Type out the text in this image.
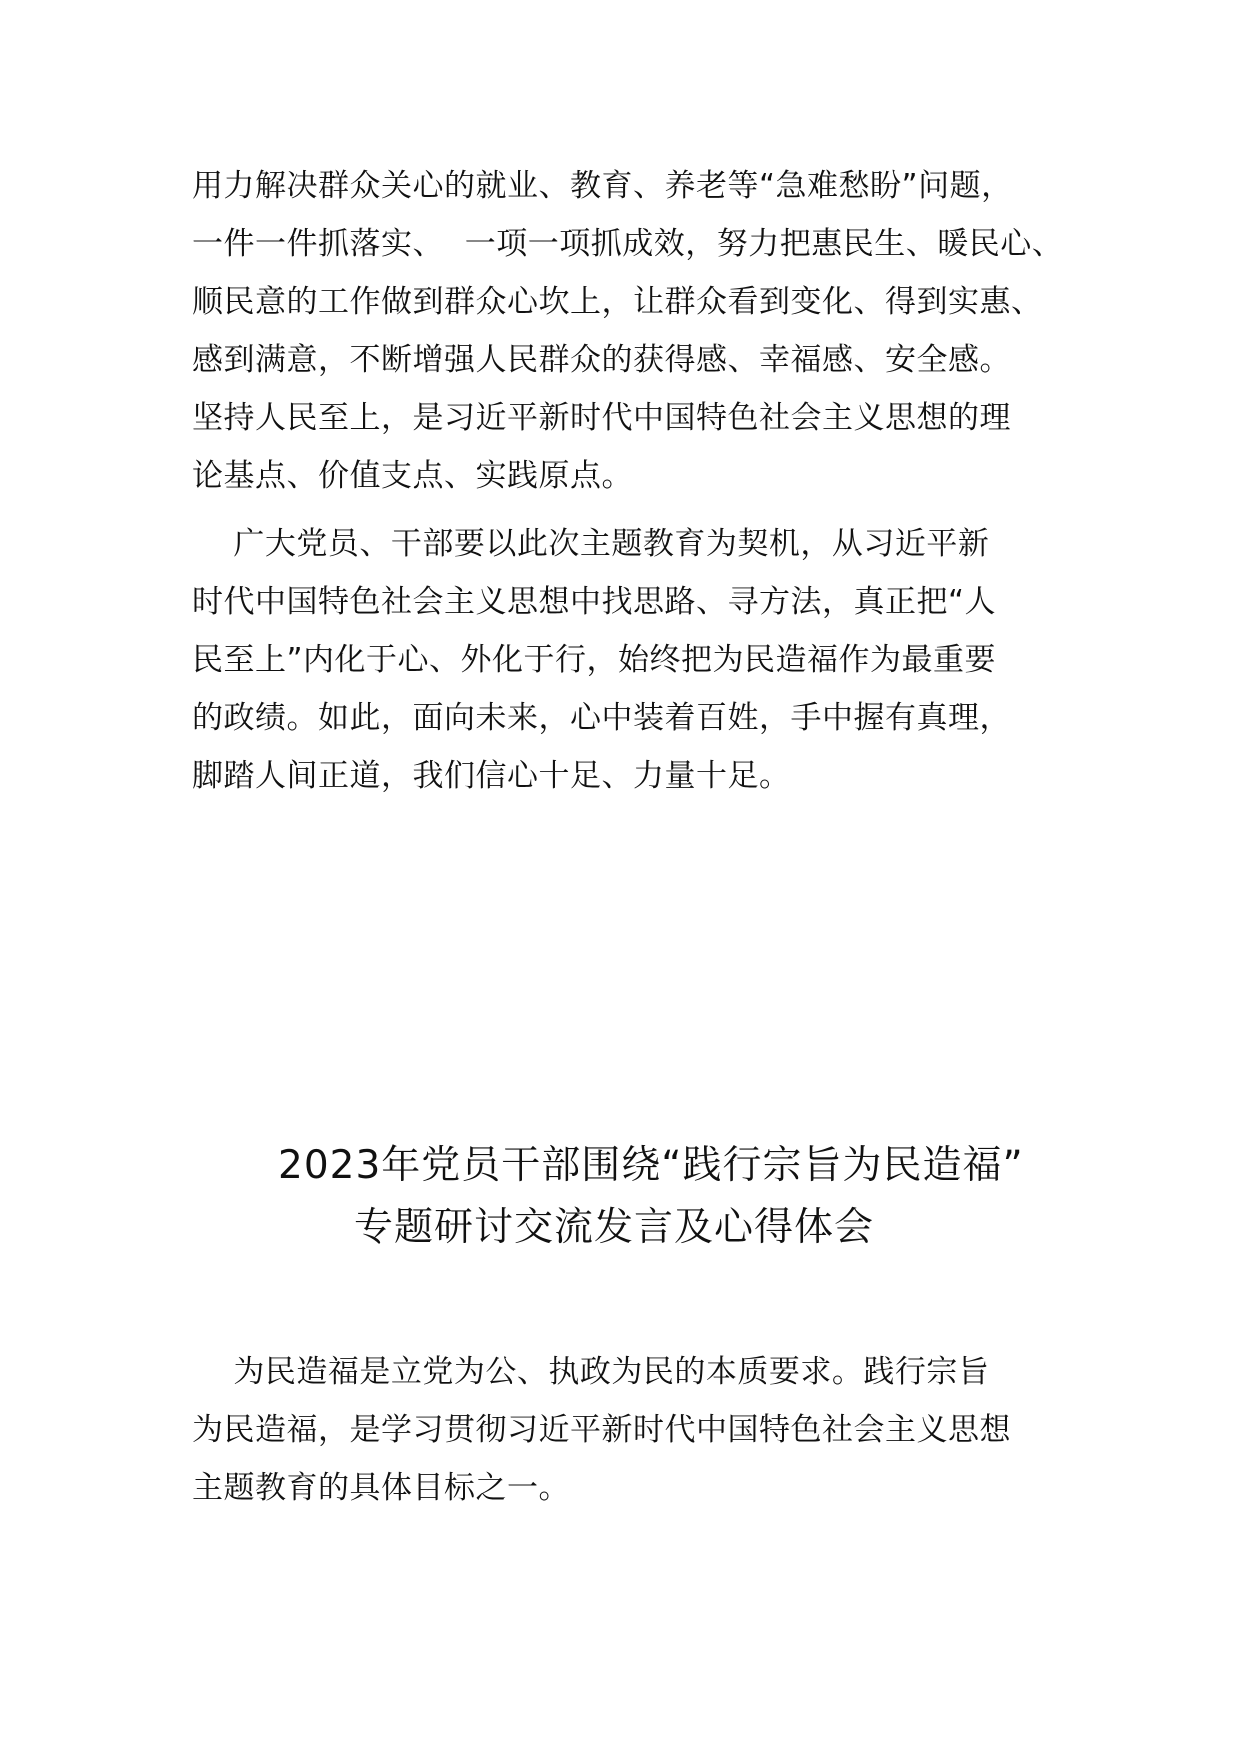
用力解决群众关心的就业、教育、养老等“急难愁盼”问题，
一件一件抓落实、  一项一项抓成效，努力把惠民生、暖民心、
顺民意的工作做到群众心坎上，让群众看到变化、得到实惠、
感到满意，不断增强人民群众的获得感、幸福感、安全感。
坚持人民至上，是习近平新时代中国特色社会主义思想的理
论基点、价值支点、实践原点。
广大党员、干部要以此次主题教育为契机，从习近平新
时代中国特色社会主义思想中找思路、寻方法，真正把“人
民至上”内化于心、外化于行，始终把为民造福作为最重要
的政绩。如此，面向未来，心中装着百姓，手中握有真理，
脚踏人间正道，我们信心十足、力量十足。
2023年党员干部围绕“践行宗旨为民造福”
专题研讨交流发言及心得体会
为民造福是立党为公、执政为民的本质要求。践行宗旨
为民造福，是学习贯彻习近平新时代中国特色社会主义思想
主题教育的具体目标之一。
